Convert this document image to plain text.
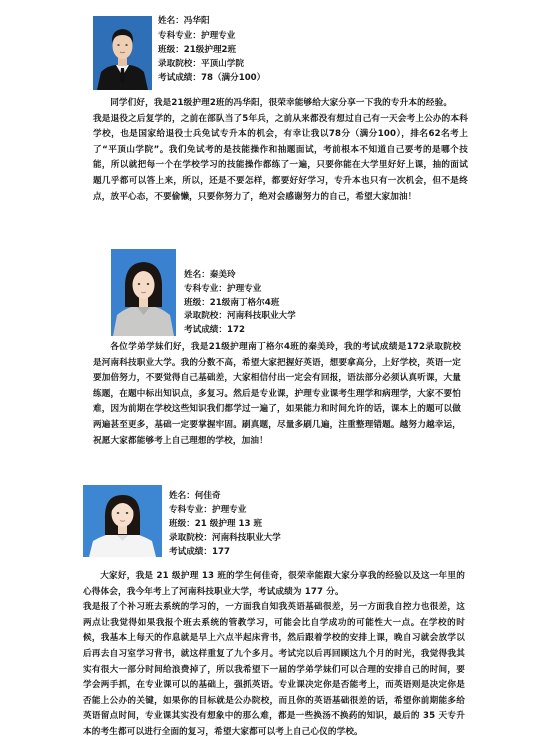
姓名：冯华阳
专科专业：护理专业
班级：21级护理2班
录取院校：平顶山学院
考试成绩：78（满分100）

同学们好，我是21级护理2班的冯华阳，很荣幸能够给大家分享一下我的专升本的经验。

我是退役之后复学的，之前在部队当了5年兵，之前从来都没有想过自己有一天会考上公办的本科学校，也是国家给退役士兵免试专升本的机会，有幸让我以78分（满分100），排名62名考上了“平顶山学院”。我们免试考的是技能操作和抽题面试，考前根本不知道自己要考的是哪个技能，所以就把每一个在学校学习的技能操作都练了一遍，只要你能在大学里好好上课，抽的面试题几乎都可以答上来，所以，还是不要怎样，都要好好学习，专升本也只有一次机会，但不是终点，放平心态，不要偷懒，只要你努力了，绝对会感谢努力的自己，希望大家加油！

姓名：秦美玲
专科专业：护理专业
班级：21级南丁格尔4班
录取院校：河南科技职业大学
考试成绩：172

各位学弟学妹们好，我是21级护理南丁格尔4班的秦美玲，我的考试成绩是172录取院校是河南科技职业大学。我的分数不高，希望大家把握好英语，想要拿高分，上好学校，英语一定要加倍努力，不要觉得自己基础差，大家相信付出一定会有回报，语法部分必须认真听课，大量练题，在题中标出知识点，多复习。然后是专业课，护理专业课考生理学和病理学，大家不要怕难，因为前期在学校这些知识我们都学过一遍了，如果能力和时间允许的话，课本上的题可以做两遍甚至更多，基础一定要掌握牢固。刷真题，尽量多刷几遍，注重整理错题。越努力越幸运，祝愿大家都能够考上自己理想的学校，加油！

姓名：何佳奇
专科专业：护理专业
班级：21 级护理 13 班
录取院校：河南科技职业大学
考试成绩：177

大家好，我是 21 级护理 13 班的学生何佳奇，很荣幸能跟大家分享我的经验以及这一年里的心得体会，我今年考上了河南科技职业大学，考试成绩为 177 分。

我是报了个补习班去系统的学习的，一方面我自知我英语基础很差，另一方面我自控力也很差，这两点让我觉得如果我报个班去系统的管教学习，可能会比自学成功的可能性大一点。在学校的时候，我基本上每天的作息就是早上六点半起床背书，然后跟着学校的安排上课，晚自习就会放学以后再去自习室学习背书，就这样重复了九个多月。考试完以后再回顾这九个月的时光，我觉得我其实有很大一部分时间给浪费掉了，所以我希望下一届的学弟学妹们可以合理的安排自己的时间，要学会两手抓，在专业课可以的基础上，强抓英语。专业课决定你是否能考上，而英语则是决定你是否能上公办的关键，如果你的目标就是公办院校，而且你的英语基础很差的话，希望你前期能多给英语留点时间，专业课其实没有想象中的那么难，都是一些换汤不换药的知识，最后的 35 天专升本的考生都可以进行全面的复习，希望大家都可以考上自己心仪的学校。
